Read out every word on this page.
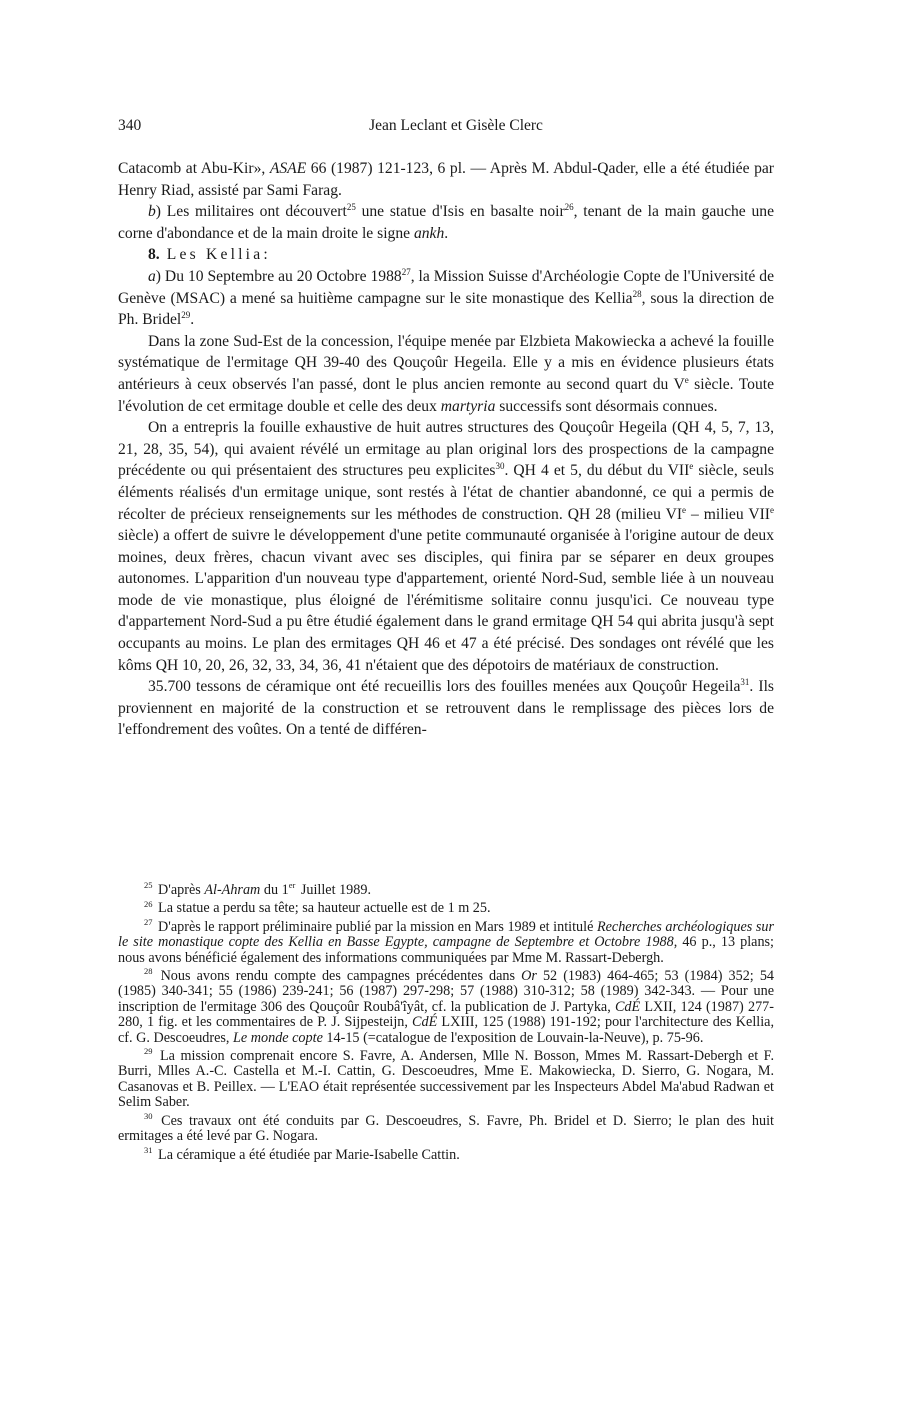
340	Jean Leclant et Gisèle Clerc

Catacomb at Abu-Kir», ASAE 66 (1987) 121-123, 6 pl. — Après M. Abdul-Qader, elle a été étudiée par Henry Riad, assisté par Sami Farag.

b) Les militaires ont découvert$^{25}$ une statue d'Isis en basalte noir$^{26}$, tenant de la main gauche une corne d'abondance et de la main droite le signe ankh.

8. Les Kellia:

a) Du 10 Septembre au 20 Octobre 1988$^{27}$, la Mission Suisse d'Archéologie Copte de l'Université de Genève (MSAC) a mené sa huitième campagne sur le site monastique des Kellia$^{28}$, sous la direction de Ph. Bridel$^{29}$.

Dans la zone Sud-Est de la concession, l'équipe menée par Elzbieta Makowiecka a achevé la fouille systématique de l'ermitage QH 39-40 des Qouçoûr Hegeila. Elle y a mis en évidence plusieurs états antérieurs à ceux observés l'an passé, dont le plus ancien remonte au second quart du Ve siècle. Toute l'évolution de cet ermitage double et celle des deux martyria successifs sont désormais connues.

On a entrepris la fouille exhaustive de huit autres structures des Qouçoûr Hegeila (QH 4, 5, 7, 13, 21, 28, 35, 54), qui avaient révélé un ermitage au plan original lors des prospections de la campagne précédente ou qui présentaient des structures peu explicites$^{30}$. QH 4 et 5, du début du VIIe siècle, seuls éléments réalisés d'un ermitage unique, sont restés à l'état de chantier abandonné, ce qui a permis de récolter de précieux renseignements sur les méthodes de construction. QH 28 (milieu VIe – milieu VIIe siècle) a offert de suivre le développement d'une petite communauté organisée à l'origine autour de deux moines, deux frères, chacun vivant avec ses disciples, qui finira par se séparer en deux groupes autonomes. L'apparition d'un nouveau type d'appartement, orienté Nord-Sud, semble liée à un nouveau mode de vie monastique, plus éloigné de l'érémitisme solitaire connu jusqu'ici. Ce nouveau type d'appartement Nord-Sud a pu être étudié également dans le grand ermitage QH 54 qui abrita jusqu'à sept occupants au moins. Le plan des ermitages QH 46 et 47 a été précisé. Des sondages ont révélé que les kôms QH 10, 20, 26, 32, 33, 34, 36, 41 n'étaient que des dépotoirs de matériaux de construction.

35.700 tessons de céramique ont été recueillis lors des fouilles menées aux Qouçoûr Hegeila$^{31}$. Ils proviennent en majorité de la construction et se retrouvent dans le remplissage des pièces lors de l'effondrement des voûtes. On a tenté de différen-

$^{25}$ D'après Al-Ahram du 1er Juillet 1989.

$^{26}$ La statue a perdu sa tête; sa hauteur actuelle est de 1 m 25.

$^{27}$ D'après le rapport préliminaire publié par la mission en Mars 1989 et intitulé Recherches archéologiques sur le site monastique copte des Kellia en Basse Egypte, campagne de Septembre et Octobre 1988, 46 p., 13 plans; nous avons bénéficié également des informations communiquées par Mme M. Rassart-Debergh.

$^{28}$ Nous avons rendu compte des campagnes précédentes dans Or 52 (1983) 464-465; 53 (1984) 352; 54 (1985) 340-341; 55 (1986) 239-241; 56 (1987) 297-298; 57 (1988) 310-312; 58 (1989) 342-343. — Pour une inscription de l'ermitage 306 des Qouçoûr Roubâ'îyât, cf. la publication de J. Partyka, CdÉ LXII, 124 (1987) 277-280, 1 fig. et les commentaires de P. J. Sijpesteijn, CdÉ LXIII, 125 (1988) 191-192; pour l'architecture des Kellia, cf. G. Descoeudres, Le monde copte 14-15 (=catalogue de l'exposition de Louvain-la-Neuve), p. 75-96.

$^{29}$ La mission comprenait encore S. Favre, A. Andersen, Mlle N. Bosson, Mmes M. Rassart-Debergh et F. Burri, Mlles A.-C. Castella et M.-I. Cattin, G. Descoeudres, Mme E. Makowiecka, D. Sierro, G. Nogara, M. Casanovas et B. Peillex. — L'EAO était représentée successivement par les Inspecteurs Abdel Ma'abud Radwan et Selim Saber.

$^{30}$ Ces travaux ont été conduits par G. Descoeudres, S. Favre, Ph. Bridel et D. Sierro; le plan des huit ermitages a été levé par G. Nogara.

$^{31}$ La céramique a été étudiée par Marie-Isabelle Cattin.
